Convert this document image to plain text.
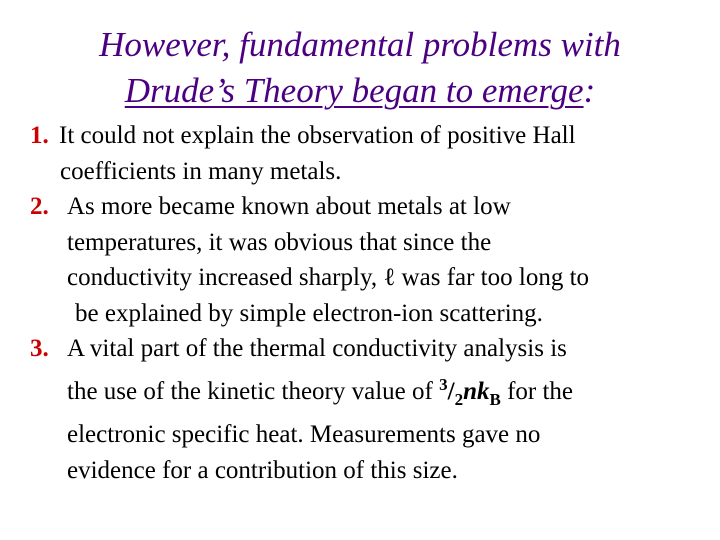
However, fundamental problems with
Drude’s Theory began to emerge:
1. It could not explain the observation of positive Hall
coefficients in many metals.
2. As more became known about metals at low
temperatures, it was obvious that since the
conductivity increased sharply, ℓ was far too long to
be explained by simple electron-ion scattering.
3. A vital part of the thermal conductivity analysis is
the use of the kinetic theory value of $^3/_2nk_B$ for the
electronic specific heat. Measurements gave no
evidence for a contribution of this size.
